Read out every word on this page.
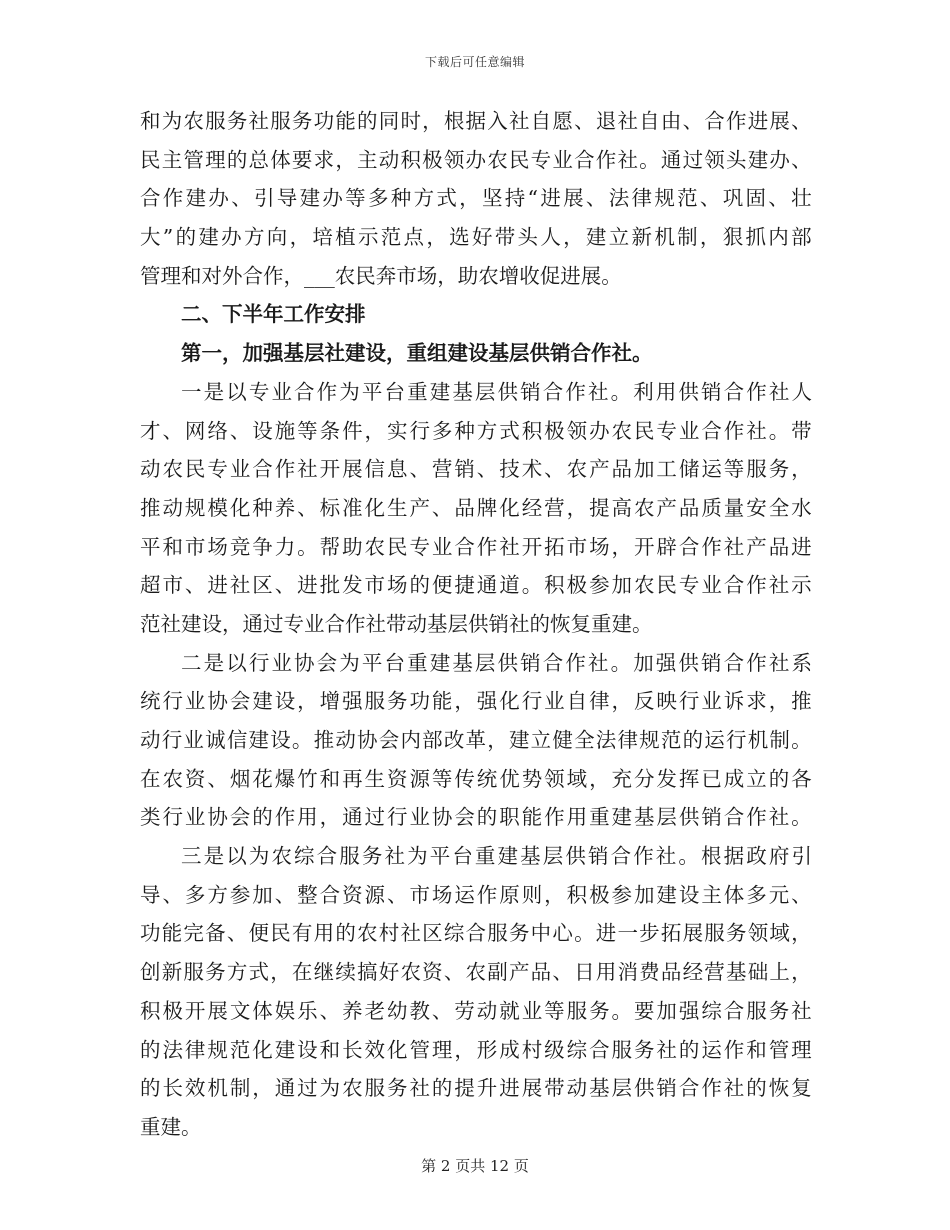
下载后可任意编辑
和 为 农 服 务 社 服 务 功 能 的 同 时 ， 根 据 入 社 自 愿 、 退 社 自 由 、 合 作 进 展 、
民 主 管 理 的 总 体 要 求 ， 主 动 积 极 领 办 农 民 专 业 合 作 社 。 通 过 领 头 建 办 、
合 作 建 办 、 引 导 建 办 等 多 种 方 式 ， 坚 持 “ 进 展 、 法 律 规 范 、 巩 固 、 壮
大 ” 的 建 办 方 向 ， 培 植 示 范 点 ， 选 好 带 头 人 ， 建 立 新 机 制 ， 狠 抓 内 部
管理和对外合作，___农民奔市场，助农增收促进展。
二、下半年工作安排
第一，加强基层社建设，重组建设基层供销合作社。
一 是 以 专 业 合 作 为 平 台 重 建 基 层 供 销 合 作 社 。 利 用 供 销 合 作 社 人
才 、 网 络 、 设 施 等 条 件 ， 实 行 多 种 方 式 积 极 领 办 农 民 专 业 合 作 社 。 带
动 农 民 专 业 合 作 社 开 展 信 息 、 营 销 、 技 术 、 农 产 品 加 工 储 运 等 服 务 ，
推 动 规 模 化 种 养 、 标 准 化 生 产 、 品 牌 化 经 营 ， 提 高 农 产 品 质 量 安 全 水
平 和 市 场 竞 争 力 。 帮 助 农 民 专 业 合 作 社 开 拓 市 场 ， 开 辟 合 作 社 产 品 进
超 市 、 进 社 区 、 进 批 发 市 场 的 便 捷 通 道 。 积 极 参 加 农 民 专 业 合 作 社 示
范社建设，通过专业合作社带动基层供销社的恢复重建。
二 是 以 行 业 协 会 为 平 台 重 建 基 层 供 销 合 作 社 。 加 强 供 销 合 作 社 系
统 行 业 协 会 建 设 ， 增 强 服 务 功 能 ， 强 化 行 业 自 律 ， 反 映 行 业 诉 求 ， 推
动 行 业 诚 信 建 设 。 推 动 协 会 内 部 改 革 ， 建 立 健 全 法 律 规 范 的 运 行 机 制 。
在 农 资 、 烟 花 爆 竹 和 再 生 资 源 等 传 统 优 势 领 域 ， 充 分 发 挥 已 成 立 的 各
类 行 业 协 会 的 作 用 ， 通 过 行 业 协 会 的 职 能 作 用 重 建 基 层 供 销 合 作 社 。
三 是 以 为 农 综 合 服 务 社 为 平 台 重 建 基 层 供 销 合 作 社 。 根 据 政 府 引
导 、 多 方 参 加 、 整 合 资 源 、 市 场 运 作 原 则 ， 积 极 参 加 建 设 主 体 多 元 、
功 能 完 备 、 便 民 有 用 的 农 村 社 区 综 合 服 务 中 心 。 进 一 步 拓 展 服 务 领 域 ，
创 新 服 务 方 式 ， 在 继 续 搞 好 农 资 、 农 副 产 品 、 日 用 消 费 品 经 营 基 础 上 ，
积 极 开 展 文 体 娱 乐 、 养 老 幼 教 、 劳 动 就 业 等 服 务 。 要 加 强 综 合 服 务 社
的 法 律 规 范 化 建 设 和 长 效 化 管 理 ， 形 成 村 级 综 合 服 务 社 的 运 作 和 管 理
的 长 效 机 制 ， 通 过 为 农 服 务 社 的 提 升 进 展 带 动 基 层 供 销 合 作 社 的 恢 复
重建。
第 2 页共 12 页
